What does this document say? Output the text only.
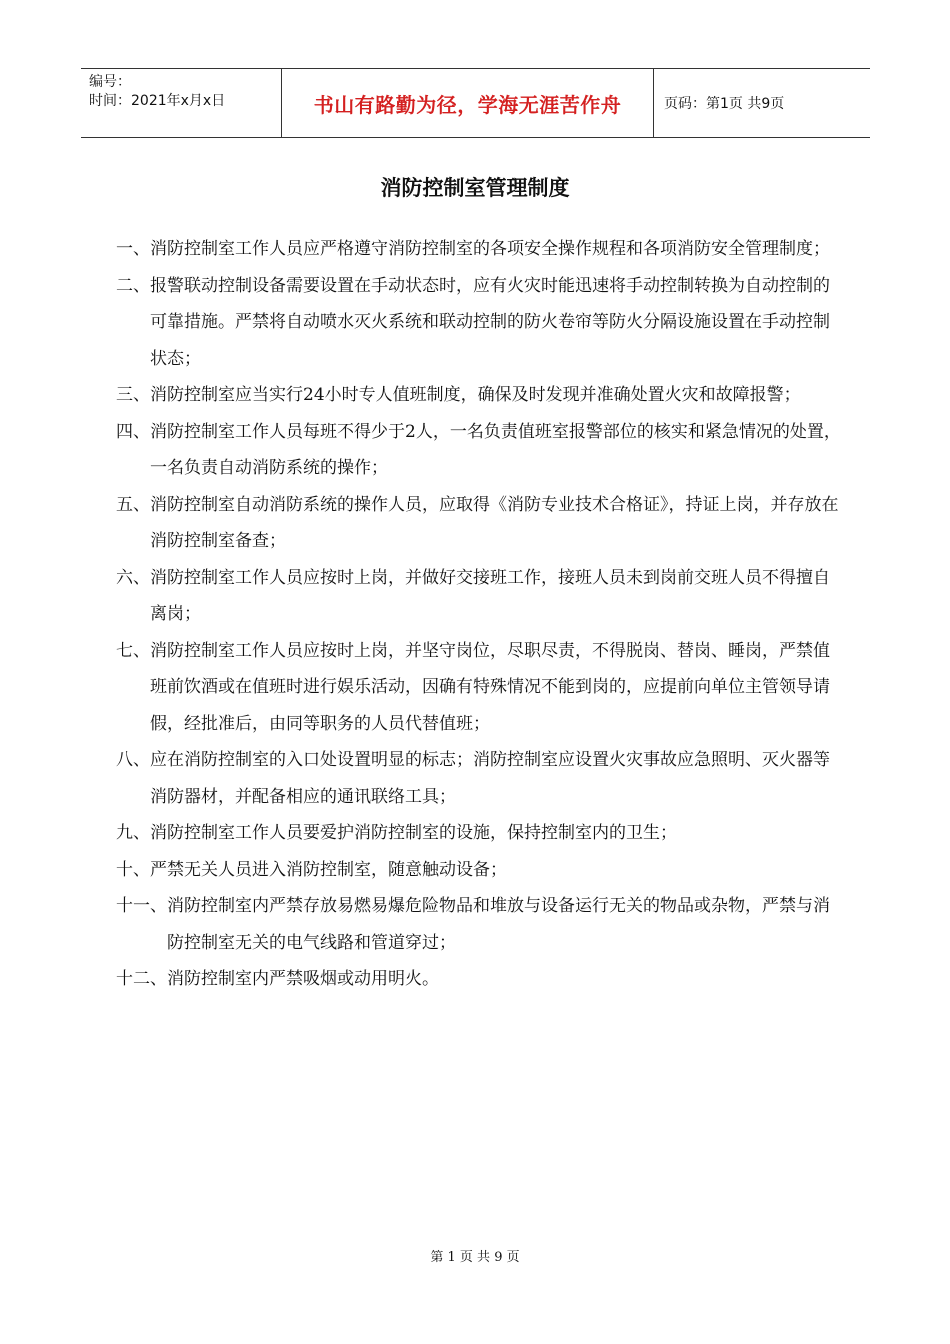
编号：
时间：2021年x月x日	书山有路勤为径，学海无涯苦作舟	页码：第1页 共9页
消防控制室管理制度
一、 消防控制室工作人员应严格遵守消防控制室的各项安全操作规程和各项消防安全管理制度；
二、 报警联动控制设备需要设置在手动状态时，应有火灾时能迅速将手动控制转换为自动控制的可靠措施。严禁将自动喷水灭火系统和联动控制的防火卷帘等防火分隔设施设置在手动控制状态；
三、 消防控制室应当实行24小时专人值班制度，确保及时发现并准确处置火灾和故障报警；
四、 消防控制室工作人员每班不得少于2人，一名负责值班室报警部位的核实和紧急情况的处置，一名负责自动消防系统的操作；
五、 消防控制室自动消防系统的操作人员，应取得《消防专业技术合格证》，持证上岗，并存放在消防控制室备查；
六、 消防控制室工作人员应按时上岗，并做好交接班工作，接班人员未到岗前交班人员不得擅自离岗；
七、 消防控制室工作人员应按时上岗，并坚守岗位，尽职尽责，不得脱岗、替岗、睡岗，严禁值班前饮酒或在值班时进行娱乐活动，因确有特殊情况不能到岗的，应提前向单位主管领导请假，经批准后，由同等职务的人员代替值班；
八、 应在消防控制室的入口处设置明显的标志；消防控制室应设置火灾事故应急照明、灭火器等消防器材，并配备相应的通讯联络工具；
九、 消防控制室工作人员要爱护消防控制室的设施，保持控制室内的卫生；
十、 严禁无关人员进入消防控制室，随意触动设备；
十一、 消防控制室内严禁存放易燃易爆危险物品和堆放与设备运行无关的物品或杂物，严禁与消防控制室无关的电气线路和管道穿过；
十二、 消防控制室内严禁吸烟或动用明火。
第 1 页 共 9 页
